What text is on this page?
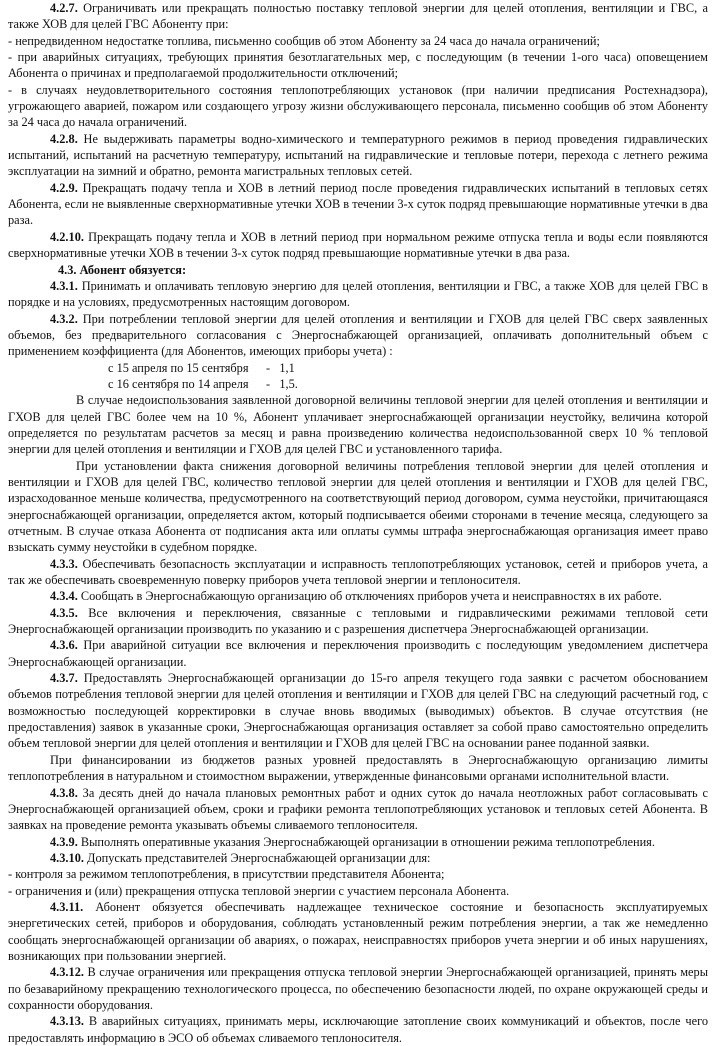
4.2.7. Ограничивать или прекращать полностью поставку тепловой энергии для целей отопления, вентиляции и ГВС, а также ХОВ для целей ГВС Абоненту при:

- непредвиденном недостатке топлива, письменно сообщив об этом Абоненту за 24 часа до начала ограничений;

- при аварийных ситуациях, требующих принятия безотлагательных мер, с последующим (в течении 1-ого часа) оповещением Абонента о причинах и предполагаемой продолжительности отключений;

- в случаях неудовлетворительного состояния теплопотребляющих установок (при наличии предписания Ростехнадзора), угрожающего аварией, пожаром или создающего угрозу жизни обслуживающего персонала, письменно сообщив об этом Абоненту за 24 часа до начала ограничений.

4.2.8. Не выдерживать параметры водно-химического и температурного режимов в период проведения гидравлических испытаний, испытаний на расчетную температуру, испытаний на гидравлические и тепловые потери, перехода с летнего режима эксплуатации на зимний и обратно, ремонта магистральных тепловых сетей.

4.2.9. Прекращать подачу тепла и ХОВ в летний период после проведения гидравлических испытаний в тепловых сетях Абонента, если не выявленные сверхнормативные утечки ХОВ в течении 3-х суток подряд превышающие нормативные утечки в два раза.

4.2.10. Прекращать подачу тепла и ХОВ в летний период при нормальном режиме отпуска тепла и воды если появляются сверхнормативные утечки ХОВ в течении 3-х суток подряд превышающие нормативные утечки в два раза.

4.3. Абонент обязуется:

4.3.1. Принимать и оплачивать тепловую энергию для целей отопления, вентиляции и ГВС, а также ХОВ для целей ГВС в порядке и на условиях, предусмотренных настоящим договором.

4.3.2. При потреблении тепловой энергии для целей отопления и вентиляции и ГХОВ для целей ГВС сверх заявленных объемов, без предварительного согласования с Энергоснабжающей организацией, оплачивать дополнительный объем с применением коэффициента (для Абонентов, имеющих приборы учета) :

с 15 апреля по 15 сентября -   1,1
с 16 сентября по 14 апреля -   1,5.

В случае недоиспользования заявленной договорной величины тепловой энергии для целей отопления и вентиляции и ГХОВ для целей ГВС более чем на 10 %, Абонент уплачивает энергоснабжающей организации неустойку, величина которой определяется по результатам расчетов за месяц и равна произведению количества недоиспользованной сверх 10 % тепловой энергии для целей отопления и вентиляции и ГХОВ для целей ГВС и установленного тарифа.

При установлении факта снижения договорной величины потребления тепловой энергии для целей отопления и вентиляции и ГХОВ для целей ГВС, количество тепловой энергии для целей отопления и вентиляции и ГХОВ для целей ГВС, израсходованное меньше количества, предусмотренного на соответствующий период договором, сумма неустойки, причитающаяся энергоснабжающей организации, определяется актом, который подписывается обеими сторонами в течение месяца, следующего за отчетным. В случае отказа Абонента от подписания акта или оплаты суммы штрафа энергоснабжающая организация имеет право взыскать сумму неустойки в судебном порядке.

4.3.3. Обеспечивать безопасность эксплуатации и исправность теплопотребляющих установок, сетей и приборов учета, а так же обеспечивать своевременную поверку приборов учета тепловой энергии и теплоносителя.

4.3.4. Сообщать в Энергоснабжающую организацию об отключениях приборов учета и неисправностях в их работе.

4.3.5. Все включения и переключения, связанные с тепловыми и гидравлическими режимами тепловой сети Энергоснабжающей организации производить по указанию и с разрешения диспетчера Энергоснабжающей организации.

4.3.6. При аварийной ситуации все включения и переключения производить с последующим уведомлением диспетчера Энергоснабжающей организации.

4.3.7. Предоставлять Энергоснабжающей организации до 15-го апреля текущего года заявки с расчетом обоснованием объемов потребления тепловой энергии для целей отопления и вентиляции и ГХОВ для целей ГВС на следующий расчетный год, с возможностью последующей корректировки в случае вновь вводимых (выводимых) объектов. В случае отсутствия (не предоставления) заявок в указанные сроки, Энергоснабжающая организация оставляет за собой право самостоятельно определить объем тепловой энергии для целей отопления и вентиляции и ГХОВ для целей ГВС на основании ранее поданной заявки.

При финансировании из бюджетов разных уровней предоставлять в Энергоснабжающую организацию лимиты теплопотребления в натуральном и стоимостном выражении, утвержденные финансовыми органами исполнительной власти.

4.3.8. За десять дней до начала плановых ремонтных работ и одних суток до начала неотложных работ согласовывать с Энергоснабжающей организацией объем, сроки и графики ремонта теплопотребляющих установок и тепловых сетей Абонента. В заявках на проведение ремонта указывать объемы сливаемого теплоносителя.

4.3.9. Выполнять оперативные указания Энергоснабжающей организации в отношении режима теплопотребления.

4.3.10. Допускать представителей Энергоснабжающей организации для:

- контроля за режимом теплопотребления, в присутствии представителя Абонента;

- ограничения и (или) прекращения отпуска тепловой энергии с участием персонала Абонента.

4.3.11. Абонент обязуется обеспечивать надлежащее техническое состояние и безопасность эксплуатируемых энергетических сетей, приборов и оборудования, соблюдать установленный режим потребления энергии, а так же немедленно сообщать энергоснабжающей организации об авариях, о пожарах, неисправностях приборов учета энергии и об иных нарушениях, возникающих при пользовании энергией.

4.3.12. В случае ограничения или прекращения отпуска тепловой энергии Энергоснабжающей организацией, принять меры по безаварийному прекращению технологического процесса, по обеспечению безопасности людей, по охране окружающей среды и сохранности оборудования.

4.3.13. В аварийных ситуациях, принимать меры, исключающие затопление своих коммуникаций и объектов, после чего предоставлять информацию в ЭСО об объемах сливаемого теплоносителя.
